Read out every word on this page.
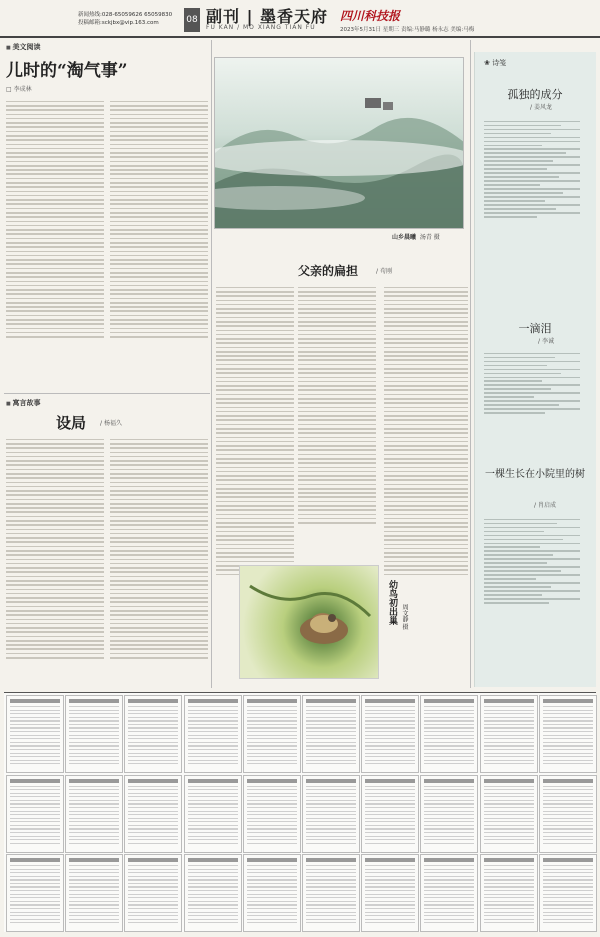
新闻热线:028-65059626 65059830
投稿邮箱:sckjbx@vip.163.com	08 副刊 | 墨香天府
FU KAN / MO XIANG TIAN FU
四川科技报
2023年5月31日 星期三 责编:马静璐 杨永志 美编:马梅
■ 美文阅读
儿时的“淘气事”
□ 李成林
■ 寓言故事
设局 / 杨福久
山乡晨曦 汤青 摄
父亲的扁担	/ 苟刚
幼鸟初出巢 周文静 摄
❀ 诗笺
孤独的成分
/ 姜风龙
一滴泪
/ 李诚
一棵生长在小院里的树
/ 肖启成
